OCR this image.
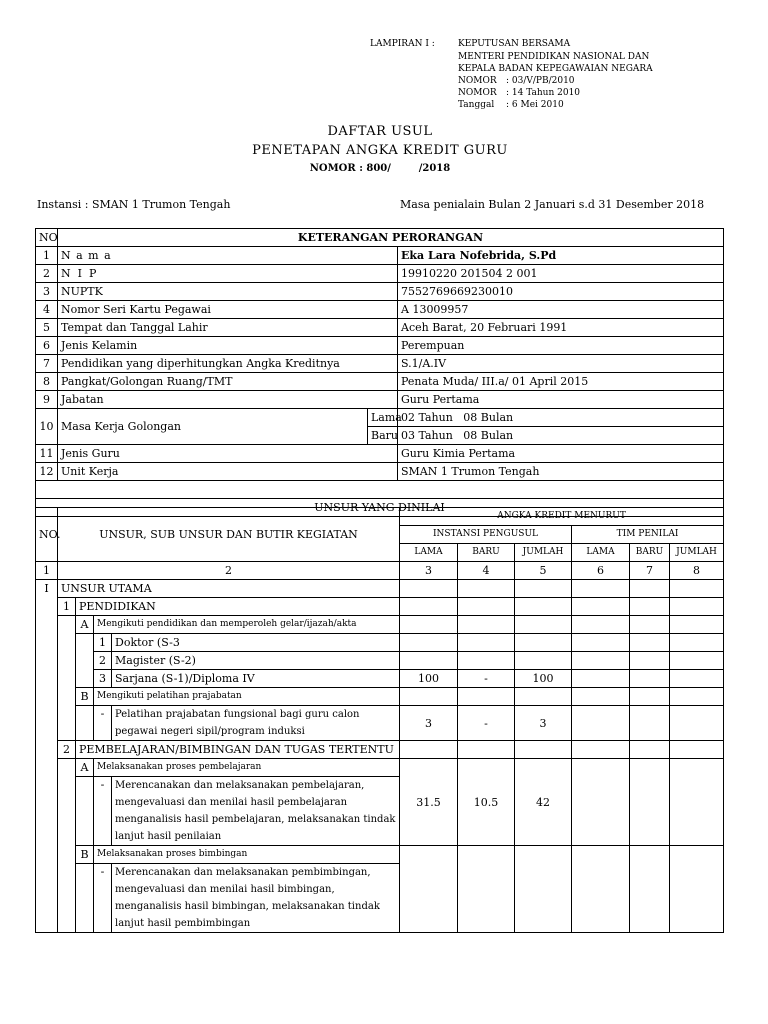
LAMPIRAN I :	KEPUTUSAN BERSAMA
MENTERI PENDIDIKAN NASIONAL DAN
KEPALA BADAN KEPEGAWAIAN NEGARA
NOMOR : 03/V/PB/2010
NOMOR : 14 Tahun 2010
Tanggal : 6 Mei 2010
DAFTAR USUL
PENETAPAN ANGKA KREDIT GURU
NOMOR : 800/        /2018
Instansi : SMAN 1 Trumon Tengah	Masa penialain Bulan 2 Januari s.d 31 Desember 2018
NO	KETERANGAN PERORANGAN		
1	N a m a		Eka Lara Nofebrida, S.Pd
2	N  I  P		19910220 201504 2 001
3	NUPTK		7552769669230010
4	Nomor Seri Kartu Pegawai		A 13009957
5	Tempat dan Tanggal Lahir		Aceh Barat, 20 Februari 1991
6	Jenis Kelamin		Perempuan
7	Pendidikan yang diperhitungkan Angka Kreditnya		S.1/A.IV
8	Pangkat/Golongan Ruang/TMT		Penata Muda/ III.a/ 01 April 2015
9	Jabatan		Guru Pertama
10	Masa Kerja Golongan	Lama	02 Tahun   08 Bulan
		Baru	03 Tahun   08 Bulan
11	Jenis Guru		Guru Kimia Pertama
12	Unit Kerja		SMAN 1 Trumon Tengah

UNSUR YANG DINILAI			
NO.	UNSUR, SUB UNSUR DAN BUTIR KEGIATAN				ANGKA KREDIT MENURUT					
					INSTANSI PENGUSUL			TIM PENILAI		
					LAMA	BARU	JUMLAH	LAMA	BARU	JUMLAH
1	2				3	4	5	6	7	8
I	UNSUR UTAMA									
	1	PENDIDIKAN								
		A	Mengikuti pendidikan dan memperoleh gelar/ijazah/akta							
			1	Doktor (S-3						
			2	Magister (S-2)						
			3	Sarjana (S-1)/Diploma IV	100	-	100			
		B	Mengikuti pelatihan prajabatan							
			-	Pelatihan prajabatan fungsional bagi guru calon pegawai negeri sipil/program induksi	3	-	3			
	2	PEMBELAJARAN/BIMBINGAN DAN TUGAS TERTENTU								
		A	Melaksanakan proses pembelajaran		31.5	10.5	42			
			-	Merencanakan dan melaksanakan pembelajaran, mengevaluasi dan menilai hasil pembelajaran menganalisis hasil pembelajaran, melaksanakan tindak lanjut hasil penilaian						
		B	Melaksanakan proses bimbingan							
			-	Merencanakan dan melaksanakan pembimbingan, mengevaluasi dan menilai hasil bimbingan, menganalisis hasil bimbingan, melaksanakan tindak lanjut hasil pembimbingan						
